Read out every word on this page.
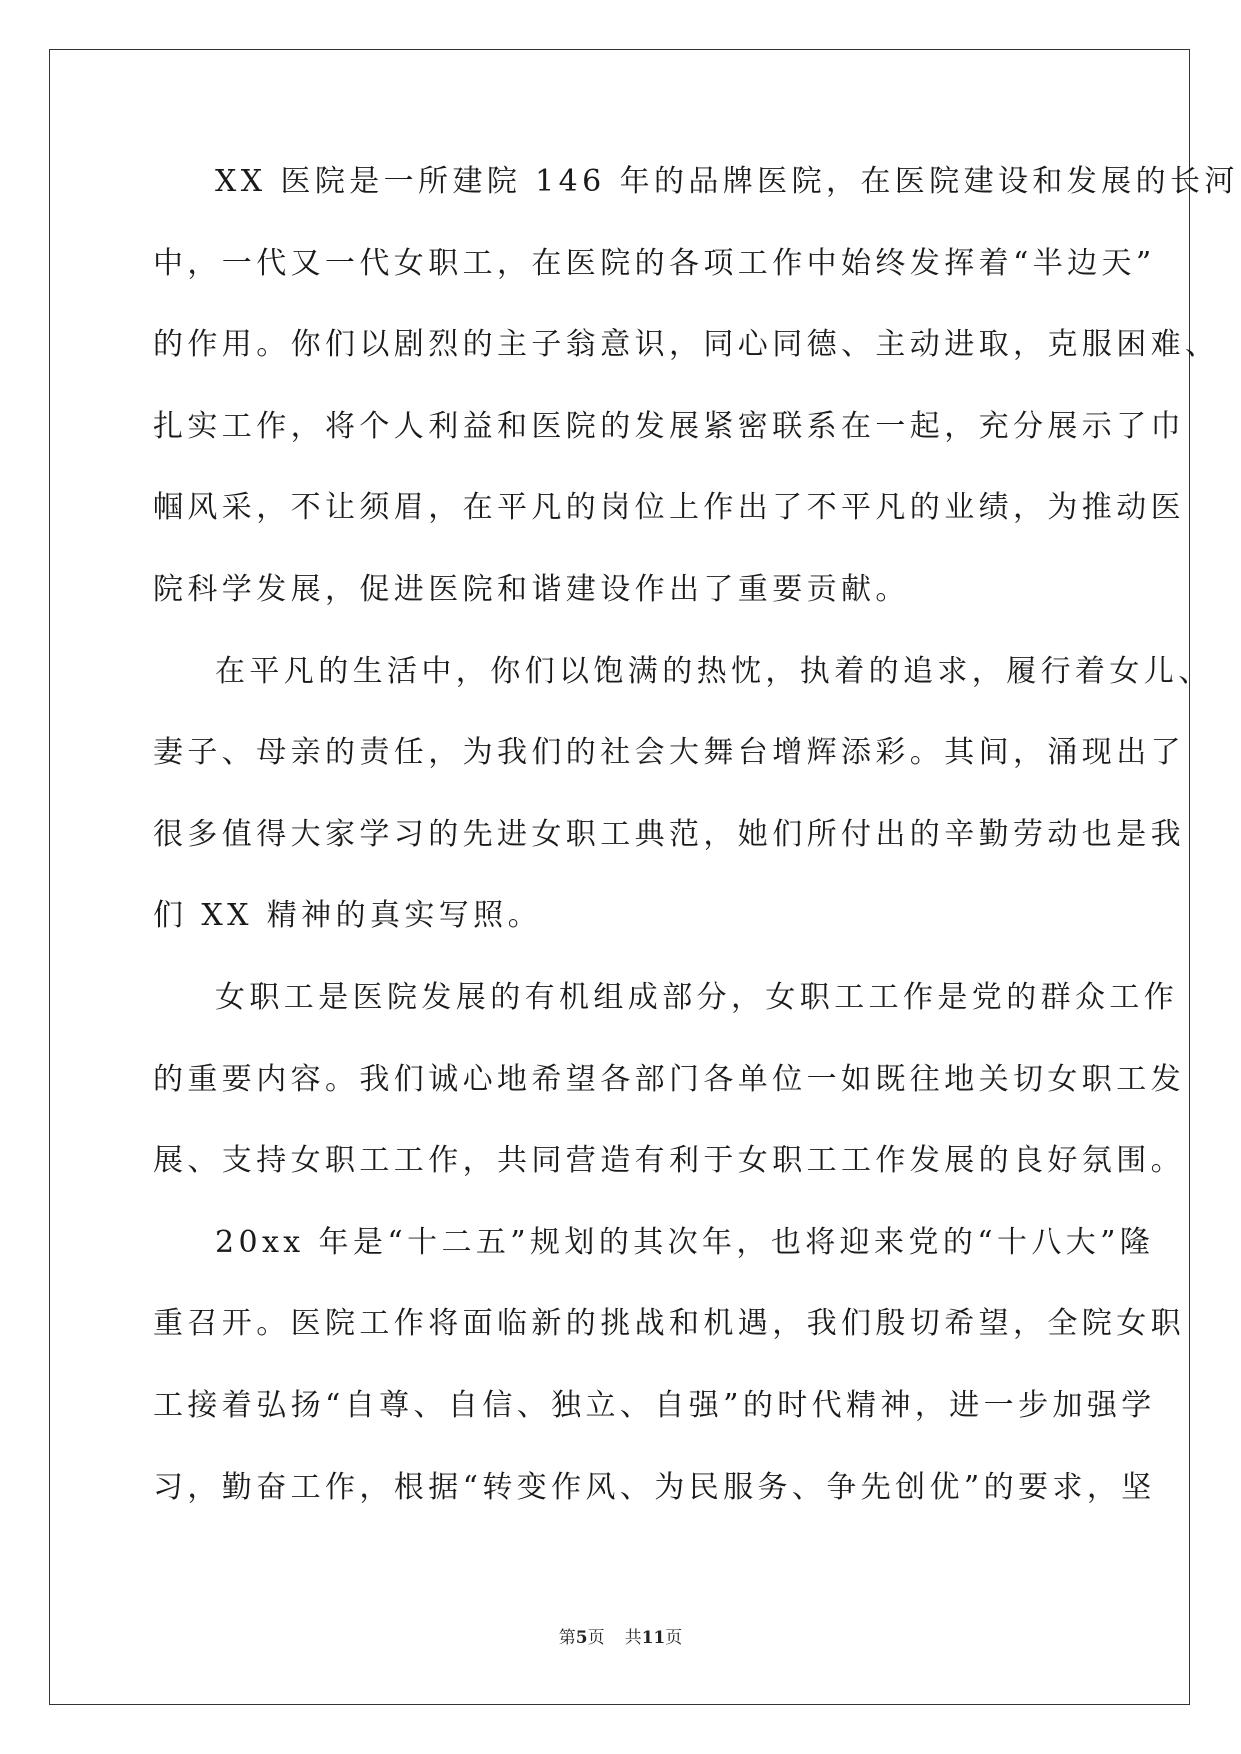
XX 医院是一所建院 146 年的品牌医院，在医院建设和发展的长河
中，一代又一代女职工，在医院的各项工作中始终发挥着“半边天”
的作用。你们以剧烈的主子翁意识，同心同德、主动进取，克服困难、
扎实工作，将个人利益和医院的发展紧密联系在一起，充分展示了巾
帼风采，不让须眉，在平凡的岗位上作出了不平凡的业绩，为推动医
院科学发展，促进医院和谐建设作出了重要贡献。
在平凡的生活中，你们以饱满的热忱，执着的追求，履行着女儿、
妻子、母亲的责任，为我们的社会大舞台增辉添彩。其间，涌现出了
很多值得大家学习的先进女职工典范，她们所付出的辛勤劳动也是我
们 XX 精神的真实写照。
女职工是医院发展的有机组成部分，女职工工作是党的群众工作
的重要内容。我们诚心地希望各部门各单位一如既往地关切女职工发
展、支持女职工工作，共同营造有利于女职工工作发展的良好氛围。
20xx 年是“十二五”规划的其次年，也将迎来党的“十八大”隆
重召开。医院工作将面临新的挑战和机遇，我们殷切希望，全院女职
工接着弘扬“自尊、自信、独立、自强”的时代精神，进一步加强学
习，勤奋工作，根据“转变作风、为民服务、争先创优”的要求，坚
第5页 共11页
